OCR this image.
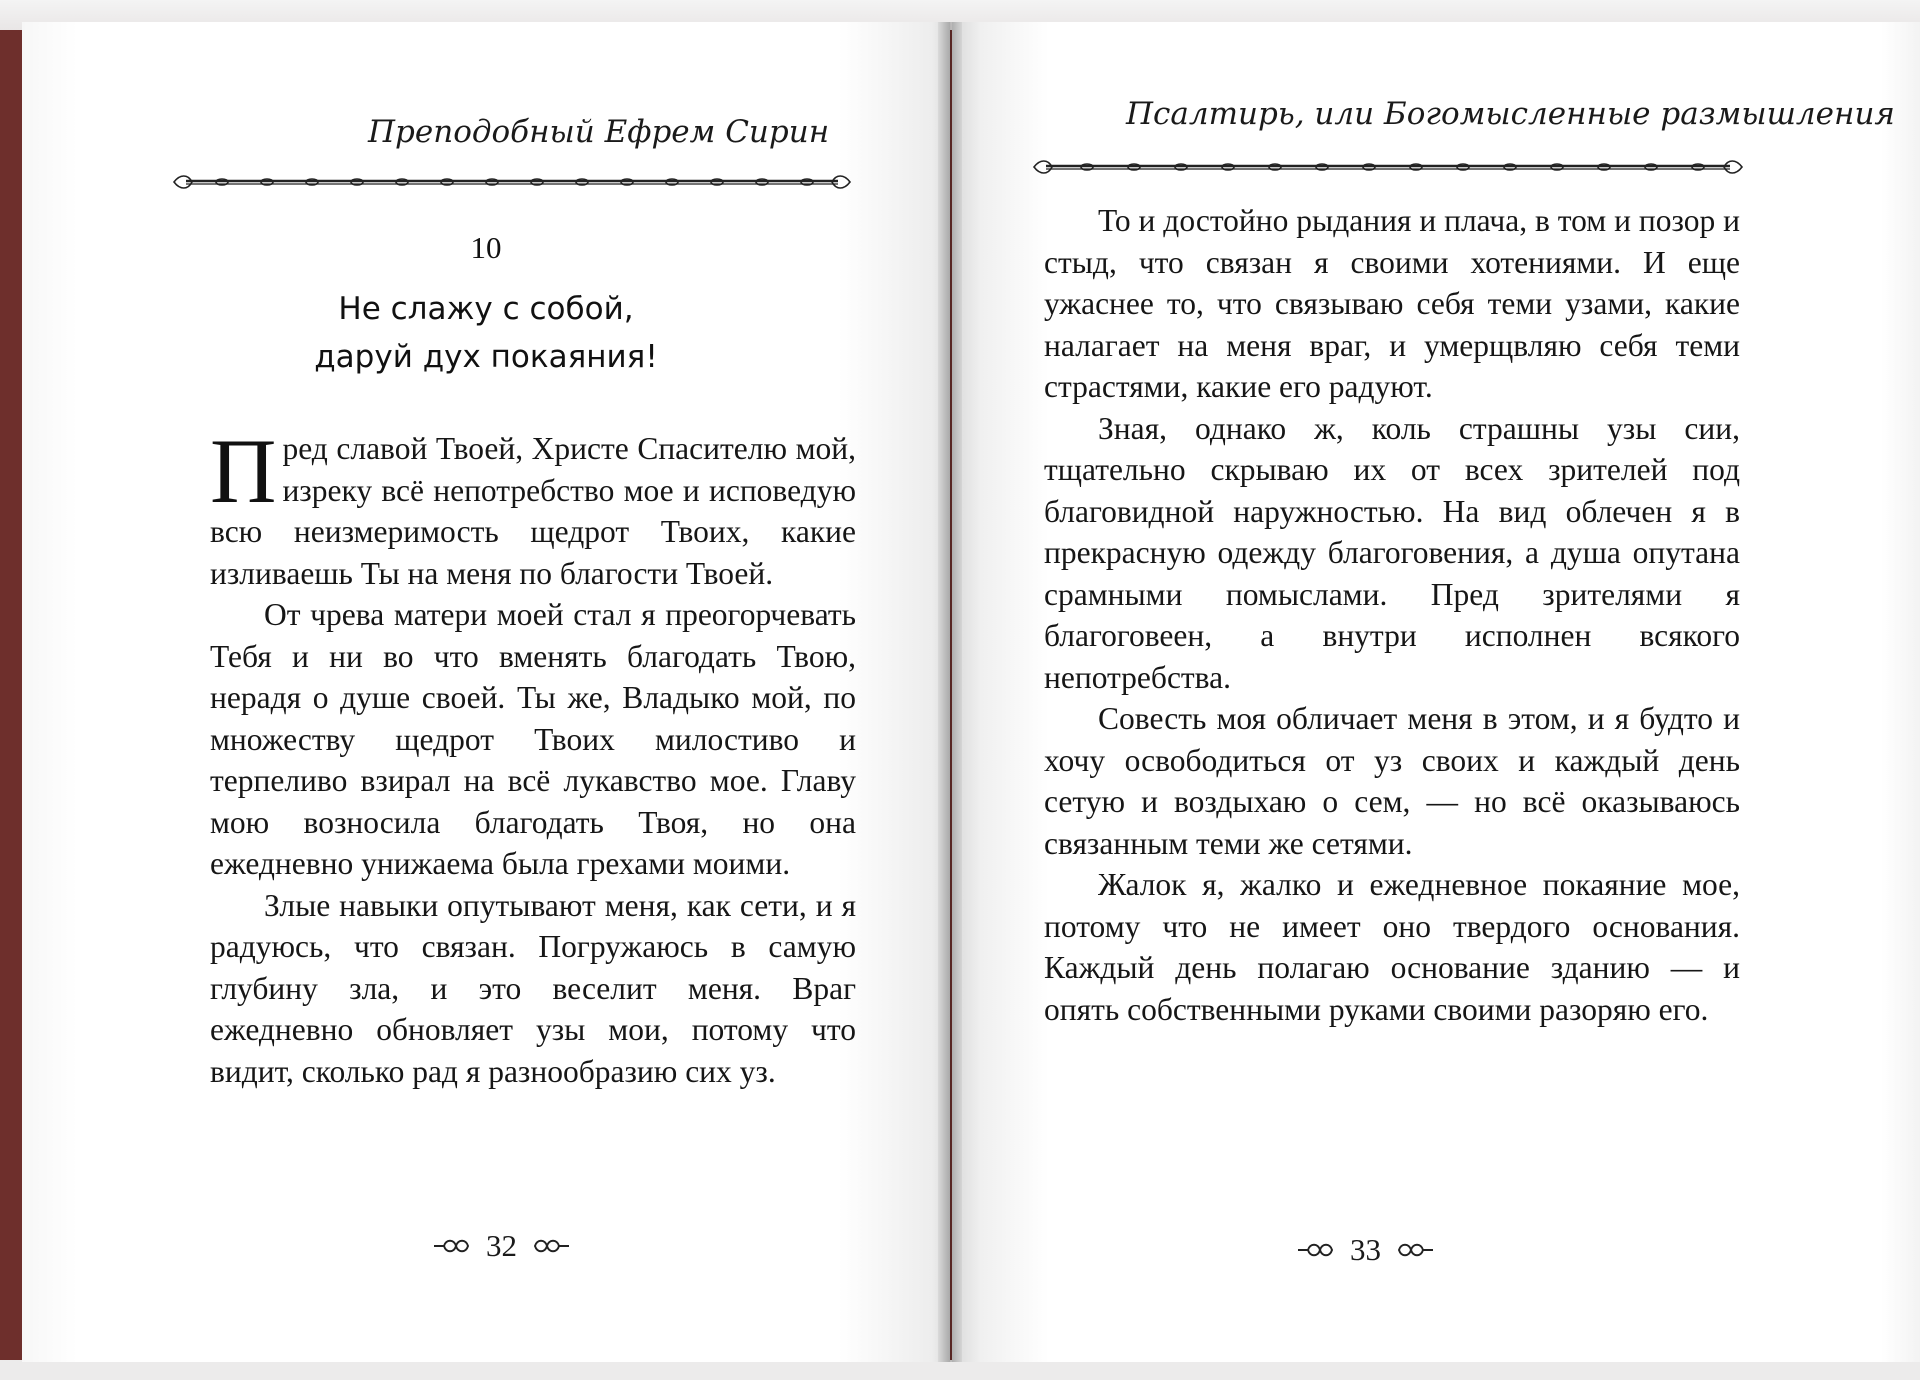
Преподобный Ефрем Сирин
10
Не слажу с собой,
даруй дух покаяния!

Пред славой Твоей, Христе Спасителю мой, изреку всё непотребство мое и исповедую всю неизмеримость щедрот Твоих, какие изливаешь Ты на меня по благости Твоей.

От чрева матери моей стал я преогорчевать Тебя и ни во что вменять благодать Твою, нерадя о душе своей. Ты же, Владыко мой, по множеству щедрот Твоих милостиво и терпеливо взирал на всё лукавство мое. Главу мою возносила благодать Твоя, но она ежедневно унижаема была грехами моими.

Злые навыки опутывают меня, как сети, и я радуюсь, что связан. Погружаюсь в самую глубину зла, и это веселит меня. Враг ежедневно обновляет узы мои, потому что видит, сколько рад я разнообразию сих уз.

32
Псалтирь, или Богомысленные размышления

То и достойно рыдания и плача, в том и позор и стыд, что связан я своими хотениями. И еще ужаснее то, что связываю себя теми узами, какие налагает на меня враг, и умерщвляю себя теми страстями, какие его радуют.

Зная, однако ж, коль страшны узы сии, тщательно скрываю их от всех зрителей под благовидной наружностью. На вид облечен я в прекрасную одежду благоговения, а душа опутана срамными помыслами. Пред зрителями я благоговеен, а внутри исполнен всякого непотребства.

Совесть моя обличает меня в этом, и я будто и хочу освободиться от уз своих и каждый день сетую и воздыхаю о сем, — но всё оказываюсь связанным теми же сетями.

Жалок я, жалко и ежедневное покаяние мое, потому что не имеет оно твердого основания. Каждый день полагаю основание зданию — и опять собственными руками своими разоряю его.

33
